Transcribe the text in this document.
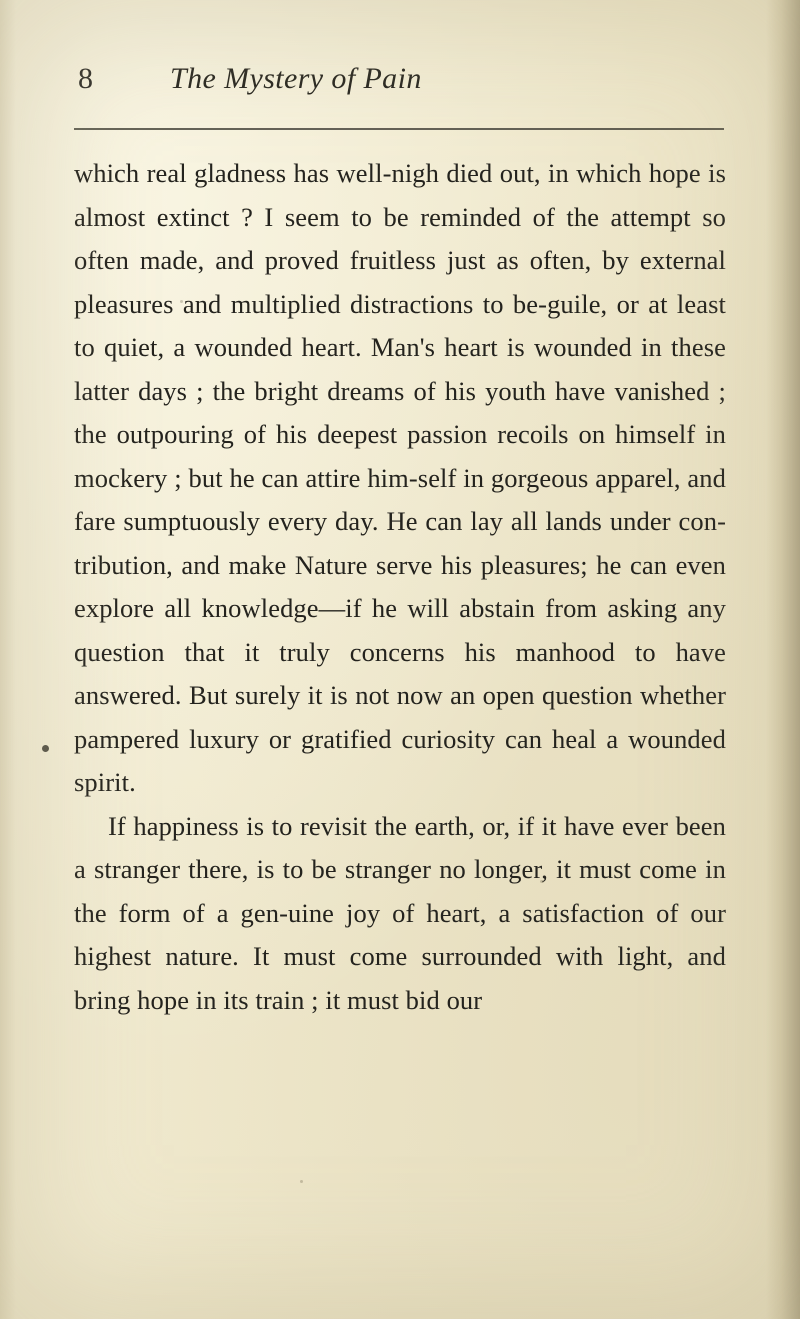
8	The Mystery of Pain

which real gladness has well-nigh died out, in which hope is almost extinct ? I seem to be reminded of the attempt so often made, and proved fruitless just as often, by external pleasures and multiplied distractions to be-guile, or at least to quiet, a wounded heart. Man's heart is wounded in these latter days ; the bright dreams of his youth have vanished ; the outpouring of his deepest passion recoils on himself in mockery ; but he can attire him-self in gorgeous apparel, and fare sumptuously every day. He can lay all lands under con-tribution, and make Nature serve his pleasures; he can even explore all knowledge—if he will abstain from asking any question that it truly concerns his manhood to have answered. But surely it is not now an open question whether pampered luxury or gratified curiosity can heal a wounded spirit.

If happiness is to revisit the earth, or, if it have ever been a stranger there, is to be stranger no longer, it must come in the form of a gen-uine joy of heart, a satisfaction of our highest nature. It must come surrounded with light, and bring hope in its train ; it must bid our
